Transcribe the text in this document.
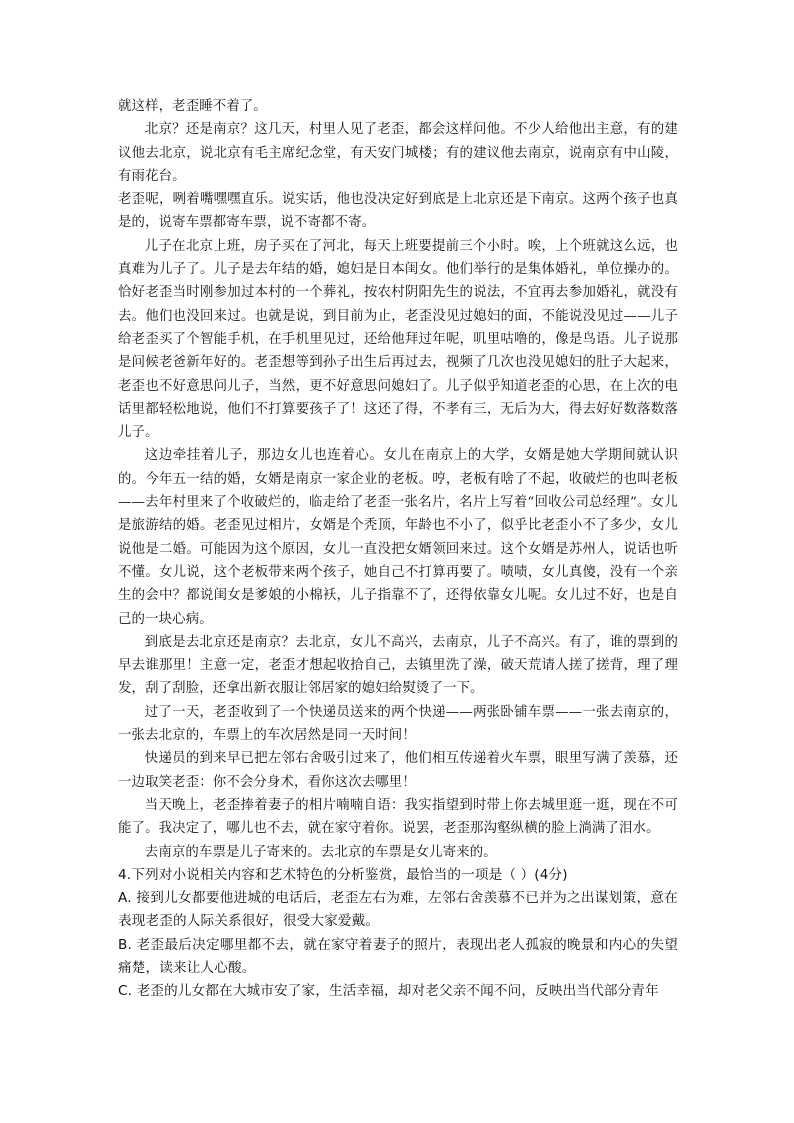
就这样，老歪睡不着了。

北京？还是南京？这几天，村里人见了老歪，都会这样问他。不少人给他出主意，有的建议他去北京，说北京有毛主席纪念堂，有天安门城楼；有的建议他去南京，说南京有中山陵，有雨花台。

老歪呢，咧着嘴嘿嘿直乐。说实话，他也没决定好到底是上北京还是下南京。这两个孩子也真是的，说寄车票都寄车票，说不寄都不寄。

儿子在北京上班，房子买在了河北，每天上班要提前三个小时。唉，上个班就这么远，也真难为儿子了。儿子是去年结的婚，媳妇是日本闺女。他们举行的是集体婚礼，单位操办的。恰好老歪当时刚参加过本村的一个葬礼，按农村阴阳先生的说法，不宜再去参加婚礼，就没有去。他们也没回来过。也就是说，到目前为止，老歪没见过媳妇的面，不能说没见过——儿子给老歪买了个智能手机，在手机里见过，还给他拜过年呢，叽里咕噜的，像是鸟语。儿子说那是问候老爸新年好的。老歪想等到孙子出生后再过去，视频了几次也没见媳妇的肚子大起来，老歪也不好意思问儿子，当然，更不好意思问媳妇了。儿子似乎知道老歪的心思，在上次的电话里都轻松地说，他们不打算要孩子了！这还了得，不孝有三，无后为大，得去好好数落数落儿子。

这边牵挂着儿子，那边女儿也连着心。女儿在南京上的大学，女婿是她大学期间就认识的。今年五一结的婚，女婿是南京一家企业的老板。哼，老板有啥了不起，收破烂的也叫老板——去年村里来了个收破烂的，临走给了老歪一张名片，名片上写着“回收公司总经理”。女儿是旅游结的婚。老歪见过相片，女婿是个秃顶，年龄也不小了，似乎比老歪小不了多少，女儿说他是二婚。可能因为这个原因，女儿一直没把女婿领回来过。这个女婿是苏州人，说话也听不懂。女儿说，这个老板带来两个孩子，她自己不打算再要了。啧啧，女儿真傻，没有一个亲生的会中？都说闺女是爹娘的小棉袄，儿子指靠不了，还得依靠女儿呢。女儿过不好，也是自己的一块心病。

到底是去北京还是南京？去北京，女儿不高兴，去南京，儿子不高兴。有了，谁的票到的早去谁那里！主意一定，老歪才想起收拾自己，去镇里洗了澡，破天荒请人搓了搓背，理了理发，刮了刮脸，还拿出新衣服让邻居家的媳妇给熨烫了一下。

过了一天，老歪收到了一个快递员送来的两个快递——两张卧铺车票——一张去南京的，一张去北京的，车票上的车次居然是同一天时间！

快递员的到来早已把左邻右舍吸引过来了，他们相互传递着火车票，眼里写满了羡慕，还一边取笑老歪：你不会分身术，看你这次去哪里！

当天晚上，老歪捧着妻子的相片喃喃自语：我实指望到时带上你去城里逛一逛，现在不可能了。我决定了，哪儿也不去，就在家守着你。说罢，老歪那沟壑纵横的脸上淌满了泪水。

去南京的车票是儿子寄来的。去北京的车票是女儿寄来的。

4.下列对小说相关内容和艺术特色的分析鉴赏，最恰当的一项是（ ）(4分)

A. 接到儿女都要他进城的电话后，老歪左右为难，左邻右舍羡慕不已并为之出谋划策，意在表现老歪的人际关系很好，很受大家爱戴。

B. 老歪最后决定哪里都不去，就在家守着妻子的照片，表现出老人孤寂的晚景和内心的失望痛楚，读来让人心酸。

C. 老歪的儿女都在大城市安了家，生活幸福，却对老父亲不闻不问，反映出当代部分青年
